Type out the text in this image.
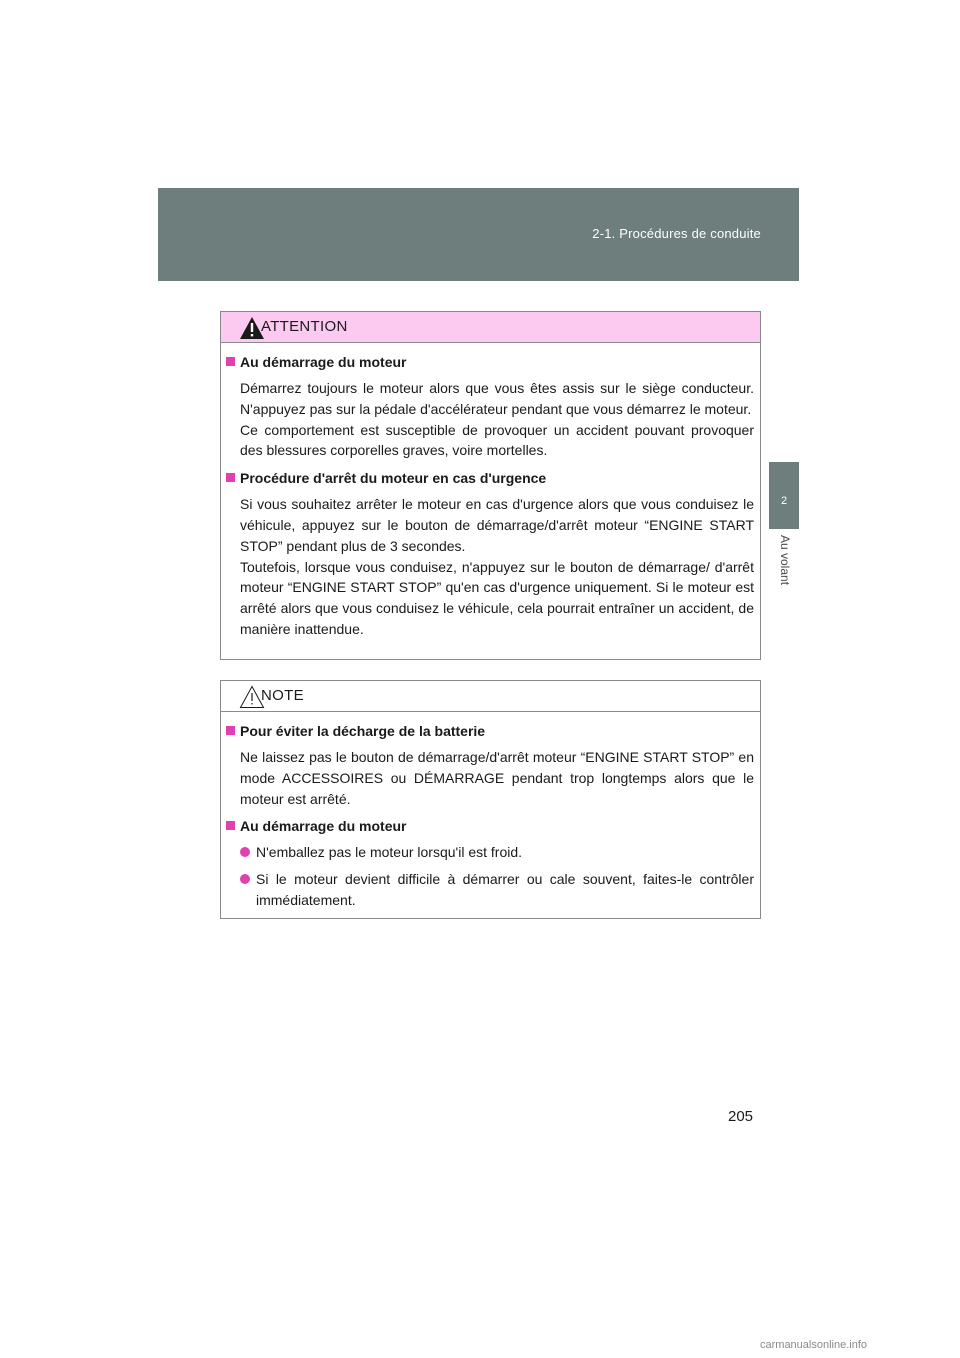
2-1. Procédures de conduite
2
Au volant
ATTENTION
Au démarrage du moteur

Démarrez toujours le moteur alors que vous êtes assis sur le siège conducteur. N'appuyez pas sur la pédale d'accélérateur pendant que vous démarrez le moteur.

Ce comportement est susceptible de provoquer un accident pouvant provoquer des blessures corporelles graves, voire mortelles.

Procédure d'arrêt du moteur en cas d'urgence

Si vous souhaitez arrêter le moteur en cas d'urgence alors que vous conduisez le véhicule, appuyez sur le bouton de démarrage/d'arrêt moteur “ENGINE START STOP” pendant plus de 3 secondes.

Toutefois, lorsque vous conduisez, n'appuyez sur le bouton de démarrage/ d'arrêt moteur “ENGINE START STOP” qu'en cas d'urgence uniquement. Si le moteur est arrêté alors que vous conduisez le véhicule, cela pourrait entraîner un accident, de manière inattendue.

NOTE
Pour éviter la décharge de la batterie

Ne laissez pas le bouton de démarrage/d'arrêt moteur “ENGINE START STOP” en mode ACCESSOIRES ou DÉMARRAGE pendant trop longtemps alors que le moteur est arrêté.

Au démarrage du moteur
N'emballez pas le moteur lorsqu'il est froid.
Si le moteur devient difficile à démarrer ou cale souvent, faites-le contrôler immédiatement.
205
carmanualsonline.info
